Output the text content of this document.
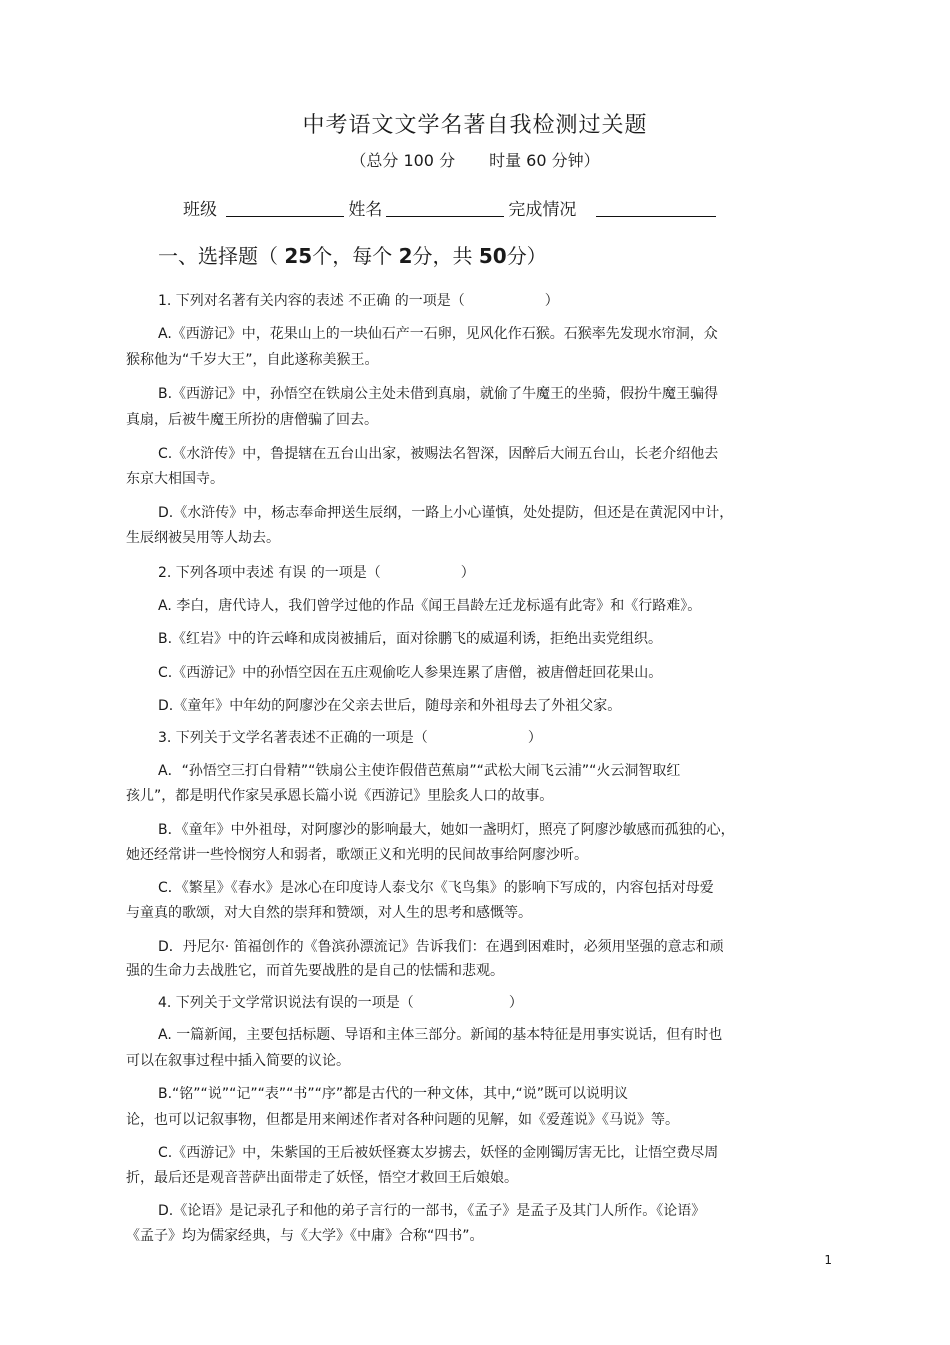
中考语文文学名著自我检测过关题
（总分 100 分 时量 60 分钟）
班级	姓名	完成情况
一、选择题（ 25个，每个 2分，共 50分）
1. 下列对名著有关内容的表述 不正确 的一项是（	）
A.《西游记》中，花果山上的一块仙石产一石卵，见风化作石猴。石猴率先发现水帘洞，众
猴称他为“千岁大王”，自此遂称美猴王。
B.《西游记》中，孙悟空在铁扇公主处未借到真扇，就偷了牛魔王的坐骑，假扮牛魔王骗得
真扇，后被牛魔王所扮的唐僧骗了回去。
C.《水浒传》中，鲁提辖在五台山出家，被赐法名智深，因醉后大闹五台山，长老介绍他去
东京大相国寺。
D.《水浒传》中，杨志奉命押送生辰纲，一路上小心谨慎，处处提防，但还是在黄泥冈中计，
生辰纲被吴用等人劫去。
2. 下列各项中表述 有误 的一项是（	）
A. 李白，唐代诗人，我们曾学过他的作品《闻王昌龄左迁龙标遥有此寄》和《行路难》。
B.《红岩》中的许云峰和成岗被捕后，面对徐鹏飞的威逼利诱，拒绝出卖党组织。
C.《西游记》中的孙悟空因在五庄观偷吃人参果连累了唐僧，被唐僧赶回花果山。
D.《童年》中年幼的阿廖沙在父亲去世后，随母亲和外祖母去了外祖父家。
3. 下列关于文学名著表述不正确的一项是（	）
A．“孙悟空三打白骨精”“铁扇公主使诈假借芭蕉扇”“武松大闹飞云浦”“火云洞智取红
孩儿”，都是明代作家吴承恩长篇小说《西游记》里脍炙人口的故事。
B．《童年》中外祖母，对阿廖沙的影响最大，她如一盏明灯，照亮了阿廖沙敏感而孤独的心，
她还经常讲一些怜悯穷人和弱者，歌颂正义和光明的民间故事给阿廖沙听。
C．《繁星》《春水》是冰心在印度诗人泰戈尔《飞鸟集》的影响下写成的，内容包括对母爱
与童真的歌颂，对大自然的崇拜和赞颂，对人生的思考和感慨等。
D．丹尼尔· 笛福创作的《鲁滨孙漂流记》告诉我们：在遇到困难时，必须用坚强的意志和顽
强的生命力去战胜它，而首先要战胜的是自己的怯懦和悲观。
4. 下列关于文学常识说法有误的一项是（	）
A. 一篇新闻，主要包括标题、导语和主体三部分。新闻的基本特征是用事实说话，但有时也
可以在叙事过程中插入简要的议论。
B.“铭”“说”“记”“表”“书”“序”都是古代的一种文体，其中,“说”既可以说明议
论，也可以记叙事物，但都是用来阐述作者对各种问题的见解，如《爱莲说》《马说》等。
C.《西游记》中，朱紫国的王后被妖怪赛太岁掳去，妖怪的金刚镯厉害无比，让悟空费尽周
折，最后还是观音菩萨出面带走了妖怪，悟空才救回王后娘娘。
D.《论语》是记录孔子和他的弟子言行的一部书，《孟子》是孟子及其门人所作。《论语》
《孟子》均为儒家经典，与《大学》《中庸》合称“四书”。
1
